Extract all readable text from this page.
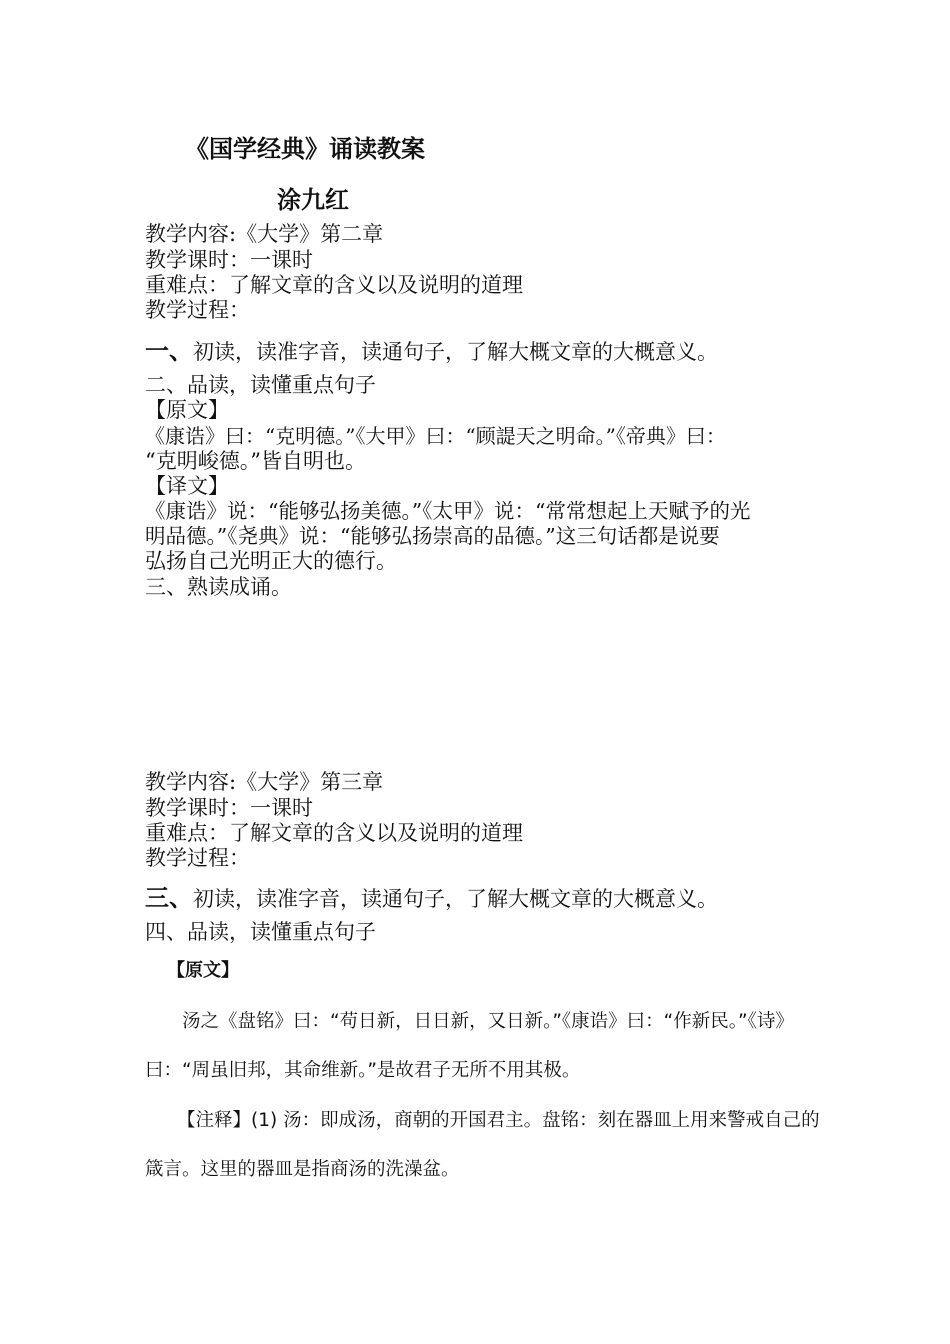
《国学经典》诵读教案
涂九红
教学内容:《大学》第二章
教学课时：一课时
重难点：了解文章的含义以及说明的道理
教学过程：
一、初读，读准字音，读通句子，了解大概文章的大概意义。
二、品读，读懂重点句子
【原文】
《康诰》曰：“克明德。”《大甲》曰：“顾諟天之明命。”《帝典》曰：
“克明峻德。”皆自明也。
【译文】
《康诰》说：“能够弘扬美德。”《太甲》说：“常常想起上天赋予的光
明品德。”《尧典》说：“能够弘扬崇高的品德。”这三句话都是说要
弘扬自己光明正大的德行。
三、熟读成诵。
教学内容:《大学》第三章
教学课时：一课时
重难点：了解文章的含义以及说明的道理
教学过程：
三、初读，读准字音，读通句子，了解大概文章的大概意义。
四、品读，读懂重点句子
【原文】
汤之《盘铭》曰：“苟日新，日日新，又日新。”《康诰》曰：“作新民。”《诗》
曰：“周虽旧邦，其命维新。”是故君子无所不用其极。
【注释】(1) 汤：即成汤，商朝的开国君主。盘铭：刻在器皿上用来警戒自己的
箴言。这里的器皿是指商汤的洗澡盆。
